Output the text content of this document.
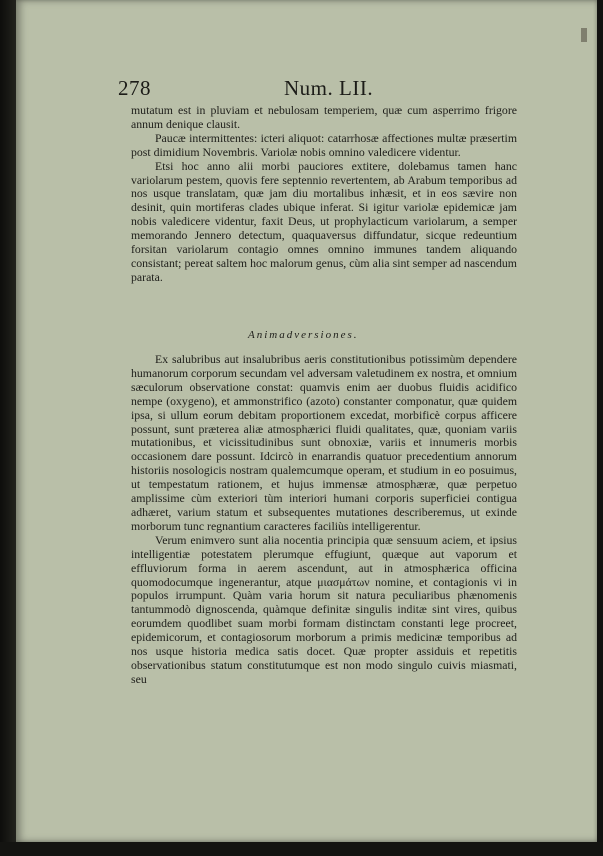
278	Num. LII.

mutatum est in pluviam et nebulosam temperiem, quæ cum asperrimo frigore annum denique clausit.

Paucæ intermittentes: icteri aliquot: catarrhosæ affectiones multæ præsertim post dimidium Novembris. Variolæ nobis omnino valedicere videntur.

Etsi hoc anno alii morbi pauciores extitere, dolebamus tamen hanc variolarum pestem, quovis fere septennio revertentem, ab Arabum temporibus ad nos usque translatam, quæ jam diu mortalibus inhæsit, et in eos sævire non desinit, quin mortiferas clades ubique inferat. Si igitur variolæ epidemicæ jam nobis valedicere videntur, faxit Deus, ut prophylacticum variolarum, a semper memorando Jennero detectum, quaquaversus diffundatur, sicque redeuntium forsitan variolarum contagio omnes omnino immunes tandem aliquando consistant; pereat saltem hoc malorum genus, cùm alia sint semper ad nascendum parata.

Animadversiones.

Ex salubribus aut insalubribus aeris constitutionibus potissimùm dependere humanorum corporum secundam vel adversam valetudinem ex nostra, et omnium sæculorum observatione constat: quamvis enim aer duobus fluidis acidifico nempe (oxygeno), et ammonstrifico (azoto) constanter componatur, quæ quidem ipsa, si ullum eorum debitam proportionem excedat, morbificè corpus afficere possunt, sunt præterea aliæ atmosphærici fluidi qualitates, quæ, quoniam variis mutationibus, et vicissitudinibus sunt obnoxiæ, variis et innumeris morbis occasionem dare possunt. Idcircò in enarrandis quatuor precedentium annorum historiis nosologicis nostram qualemcumque operam, et studium in eo posuimus, ut tempestatum rationem, et hujus immensæ atmosphæræ, quæ perpetuo amplissime cùm exteriori tùm interiori humani corporis superficiei contigua adhæret, varium statum et subsequentes mutationes describeremus, ut exinde morborum tunc regnantium caracteres faciliùs intelligerentur.

Verum enimvero sunt alia nocentia principia quæ sensuum aciem, et ipsius intelligentiæ potestatem plerumque effugiunt, quæque aut vaporum et effluviorum forma in aerem ascendunt, aut in atmosphærica officina quomodocumque ingenerantur, atque μιασμάτων nomine, et contagionis vi in populos irrumpunt. Quàm varia horum sit natura peculiaribus phænomenis tantummodò dignoscenda, quàmque definitæ singulis inditæ sint vires, quibus eorumdem quodlibet suam morbi formam distinctam constanti lege procreet, epidemicorum, et contagiosorum morborum a primis medicinæ temporibus ad nos usque historia medica satis docet. Quæ propter assiduis et repetitis observationibus statum constitutumque est non modo singulo cuivis miasmati, seu
